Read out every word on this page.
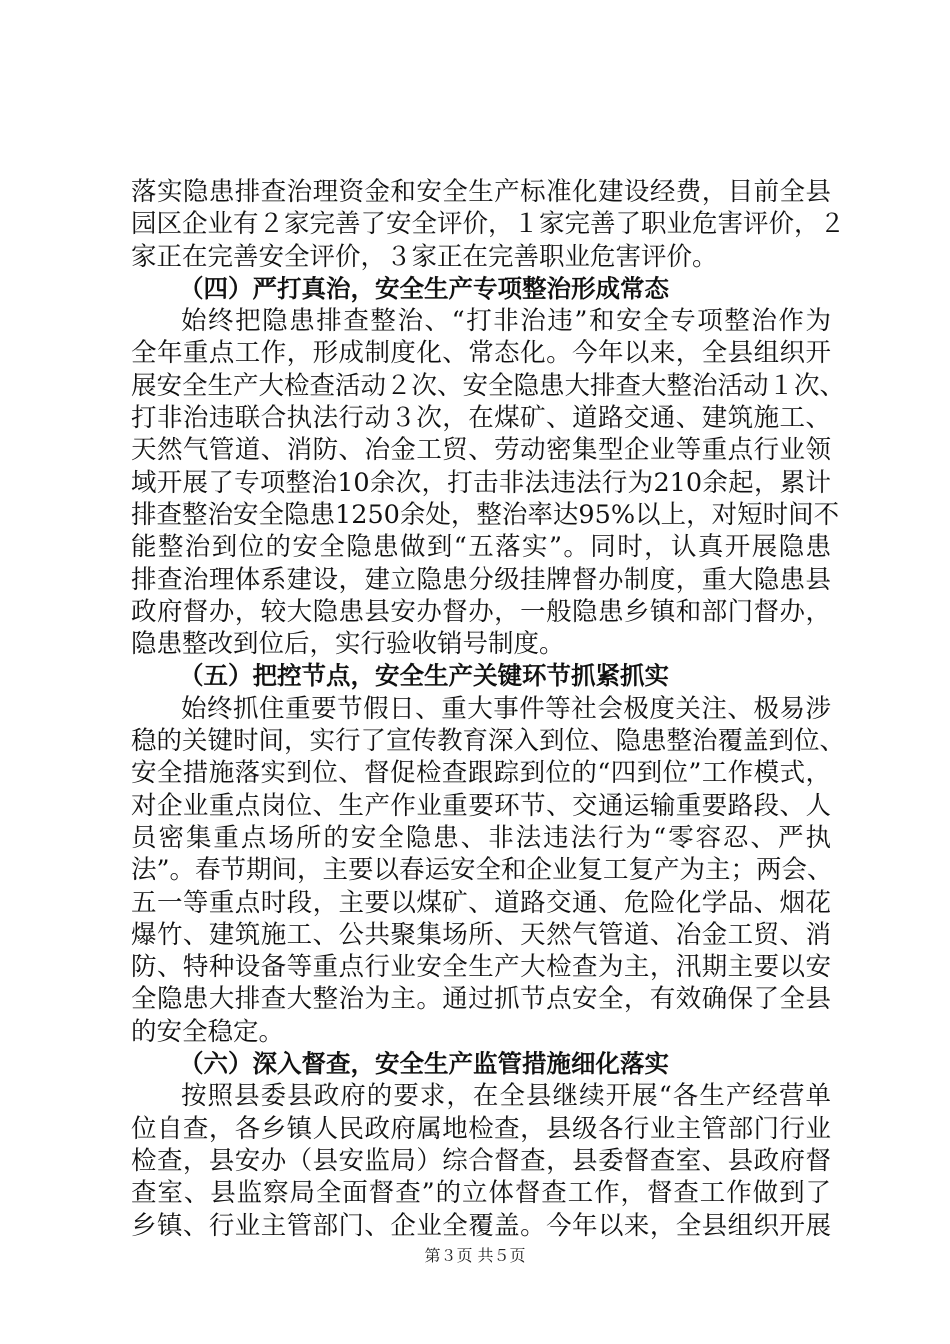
落实隐患排查治理资金和安全生产标准化建设经费，目前全县
园区企业有２家完善了安全评价，１家完善了职业危害评价，２
家正在完善安全评价，３家正在完善职业危害评价。
（四）严打真治，安全生产专项整治形成常态
始终把隐患排查整治、“打非治违”和安全专项整治作为
全年重点工作，形成制度化、常态化。今年以来，全县组织开
展安全生产大检查活动２次、安全隐患大排查大整治活动１次、
打非治违联合执法行动３次，在煤矿、道路交通、建筑施工、
天然气管道、消防、冶金工贸、劳动密集型企业等重点行业领
域开展了专项整治10余次，打击非法违法行为210余起，累计
排查整治安全隐患1250余处，整治率达95%以上，对短时间不
能整治到位的安全隐患做到“五落实”。同时，认真开展隐患
排查治理体系建设，建立隐患分级挂牌督办制度，重大隐患县
政府督办，较大隐患县安办督办，一般隐患乡镇和部门督办，
隐患整改到位后，实行验收销号制度。
（五）把控节点，安全生产关键环节抓紧抓实
始终抓住重要节假日、重大事件等社会极度关注、极易涉
稳的关键时间，实行了宣传教育深入到位、隐患整治覆盖到位、
安全措施落实到位、督促检查跟踪到位的“四到位”工作模式，
对企业重点岗位、生产作业重要环节、交通运输重要路段、人
员密集重点场所的安全隐患、非法违法行为“零容忍、严执
法”。春节期间，主要以春运安全和企业复工复产为主；两会、
五一等重点时段，主要以煤矿、道路交通、危险化学品、烟花
爆竹、建筑施工、公共聚集场所、天然气管道、冶金工贸、消
防、特种设备等重点行业安全生产大检查为主，汛期主要以安
全隐患大排查大整治为主。通过抓节点安全，有效确保了全县
的安全稳定。
（六）深入督查，安全生产监管措施细化落实
按照县委县政府的要求，在全县继续开展“各生产经营单
位自查，各乡镇人民政府属地检查，县级各行业主管部门行业
检查，县安办（县安监局）综合督查，县委督查室、县政府督
查室、县监察局全面督查”的立体督查工作，督查工作做到了
乡镇、行业主管部门、企业全覆盖。今年以来，全县组织开展
第３页 共５页
